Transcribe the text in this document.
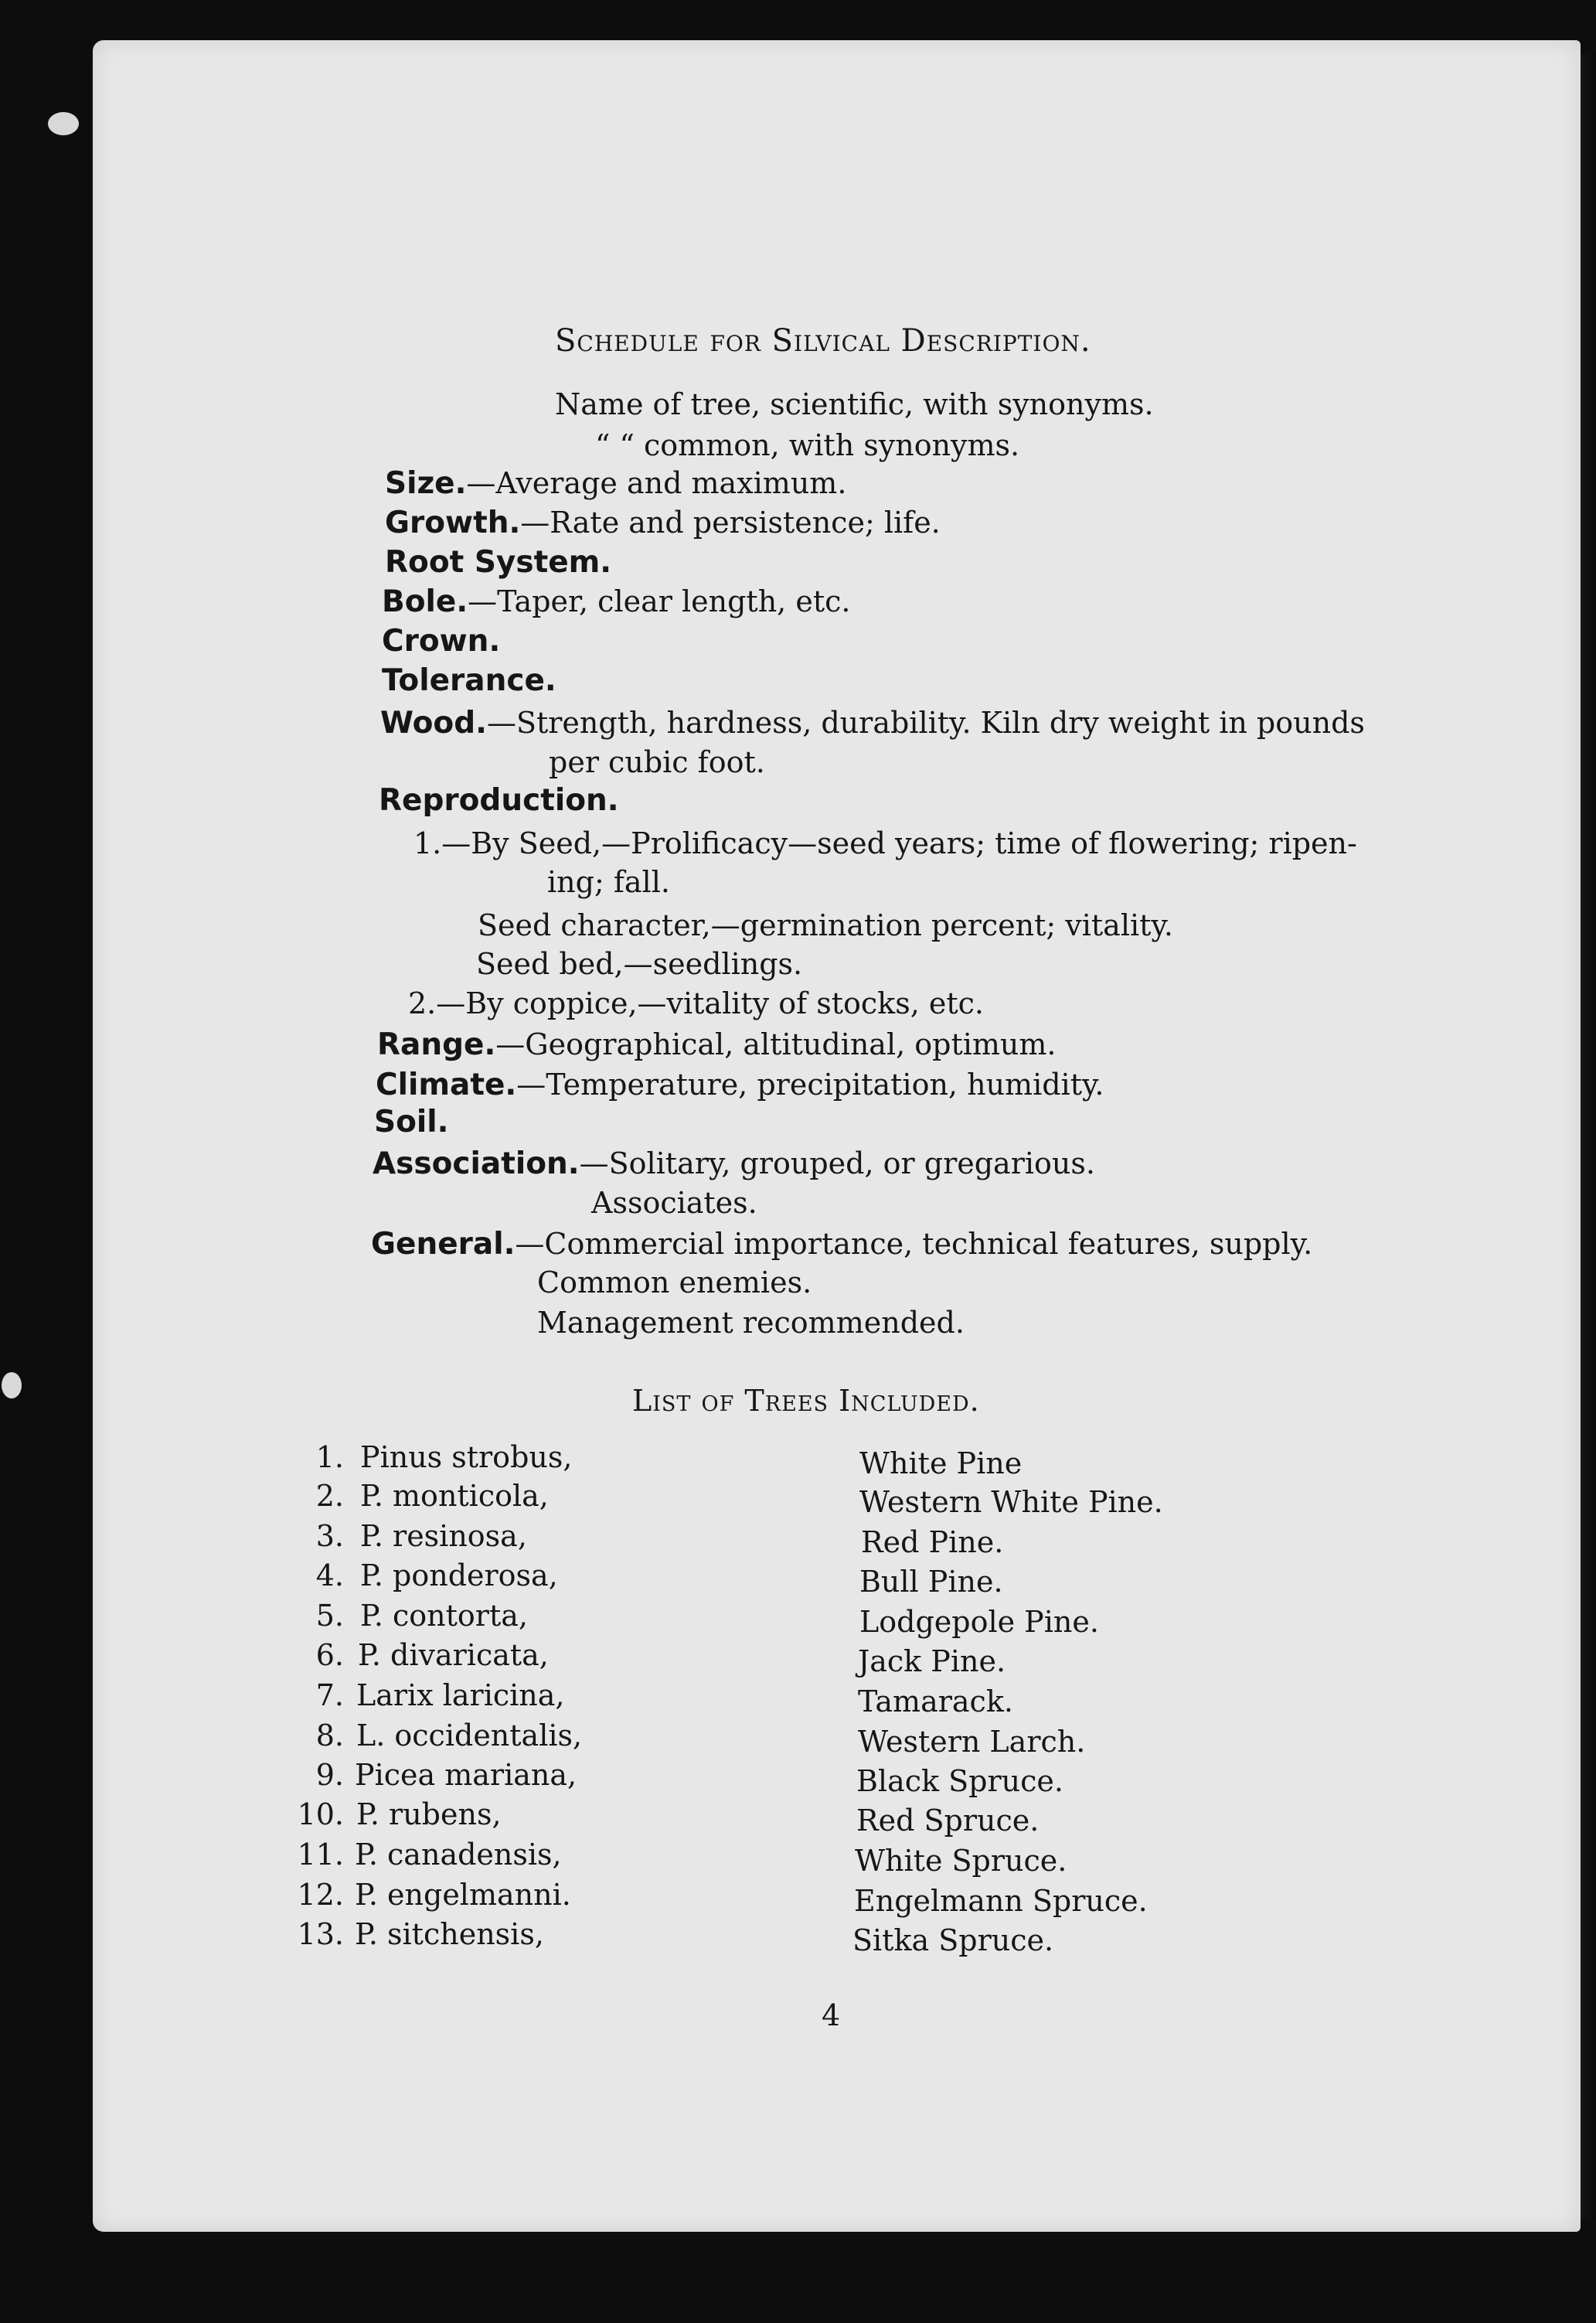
Schedule for Silvical Description.
Name of tree, scientific, with synonyms.
“ “ common, with synonyms.
Size.—Average and maximum.
Growth.—Rate and persistence; life.
Root System.
Bole.—Taper, clear length, etc.
Crown.
Tolerance.
Wood.—Strength, hardness, durability. Kiln dry weight in pounds
per cubic foot.
Reproduction.
1.—By Seed,—Prolificacy—seed years; time of flowering; ripen-
ing; fall.
Seed character,—germination percent; vitality.
Seed bed,—seedlings.
2.—By coppice,—vitality of stocks, etc.
Range.—Geographical, altitudinal, optimum.
Climate.—Temperature, precipitation, humidity.
Soil.
Association.—Solitary, grouped, or gregarious.
Associates.
General.—Commercial importance, technical features, supply.
Common enemies.
Management recommended.
List of Trees Included.
1. Pinus strobus,	White Pine
2. P. monticola,	Western White Pine.
3. P. resinosa,	Red Pine.
4. P. ponderosa,	Bull Pine.
5. P. contorta,	Lodgepole Pine.
6. P. divaricata,	Jack Pine.
7. Larix laricina,	Tamarack.
8. L. occidentalis,	Western Larch.
9. Picea mariana,	Black Spruce.
10. P. rubens,	Red Spruce.
11. P. canadensis,	White Spruce.
12. P. engelmanni.	Engelmann Spruce.
13. P. sitchensis,	Sitka Spruce.
4
